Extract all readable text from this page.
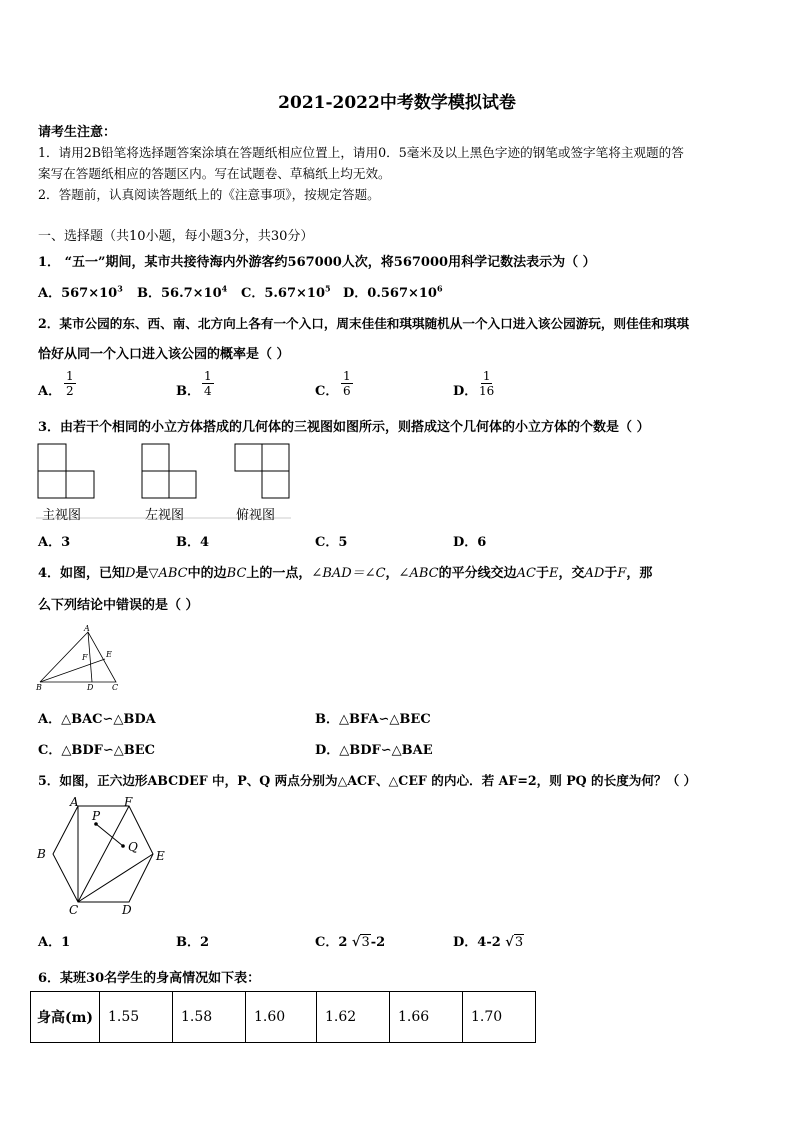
2021-2022中考数学模拟试卷
请考生注意：
1．请用2B铅笔将选择题答案涂填在答题纸相应位置上，请用0．5毫米及以上黑色字迹的钢笔或签字笔将主观题的答
案写在答题纸相应的答题区内。写在试题卷、草稿纸上均无效。
2．答题前，认真阅读答题纸上的《注意事项》，按规定答题。
一、选择题（共10小题，每小题3分，共30分）
1． “五一”期间，某市共接待海内外游客约567000人次，将567000用科学记数法表示为（ ）
A．$567\times 10^3$ B．$56.7\times 10^4$ C．$5.67\times 10^5$ D．$0.567\times 10^6$
2．某市公园的东、西、南、北方向上各有一个入口，周末佳佳和琪琪随机从一个入口进入该公园游玩，则佳佳和琪琪
恰好从同一个入口进入该公园的概率是（ ）
A． $\frac{1}{2}$	B． $\frac{1}{4}$	C． $\frac{1}{6}$	D． $\frac{1}{16}$
3．由若干个相同的小立方体搭成的几何体的三视图如图所示，则搭成这个几何体的小立方体的个数是（ ）
主视图	左视图	俯视图
A．3	B．4	C．5	D．6
4．如图，已知D是▽ABC中的边BC上的一点，∠BAD＝∠C，∠ABC的平分线交边AC于E，交AD于F，那
么下列结论中错误的是（ ）
A
B	C
D
E
F
A．△BAC∽△BDA	B．△BFA∽△BEC
C．△BDF∽△BEC	D．△BDF∽△BAE
5．如图，正六边形ABCDEF 中，P、Q 两点分别为△ACF、△CEF 的内心．若 AF=2，则 PQ 的长度为何？（ ）
A	F
B	E
C	D
P
Q
A．1	B．2	C．2 √3-2	D．4-2 √3
6．某班30名学生的身高情况如下表：
身高(m)	1.55	1.58	1.60	1.62	1.66	1.70
